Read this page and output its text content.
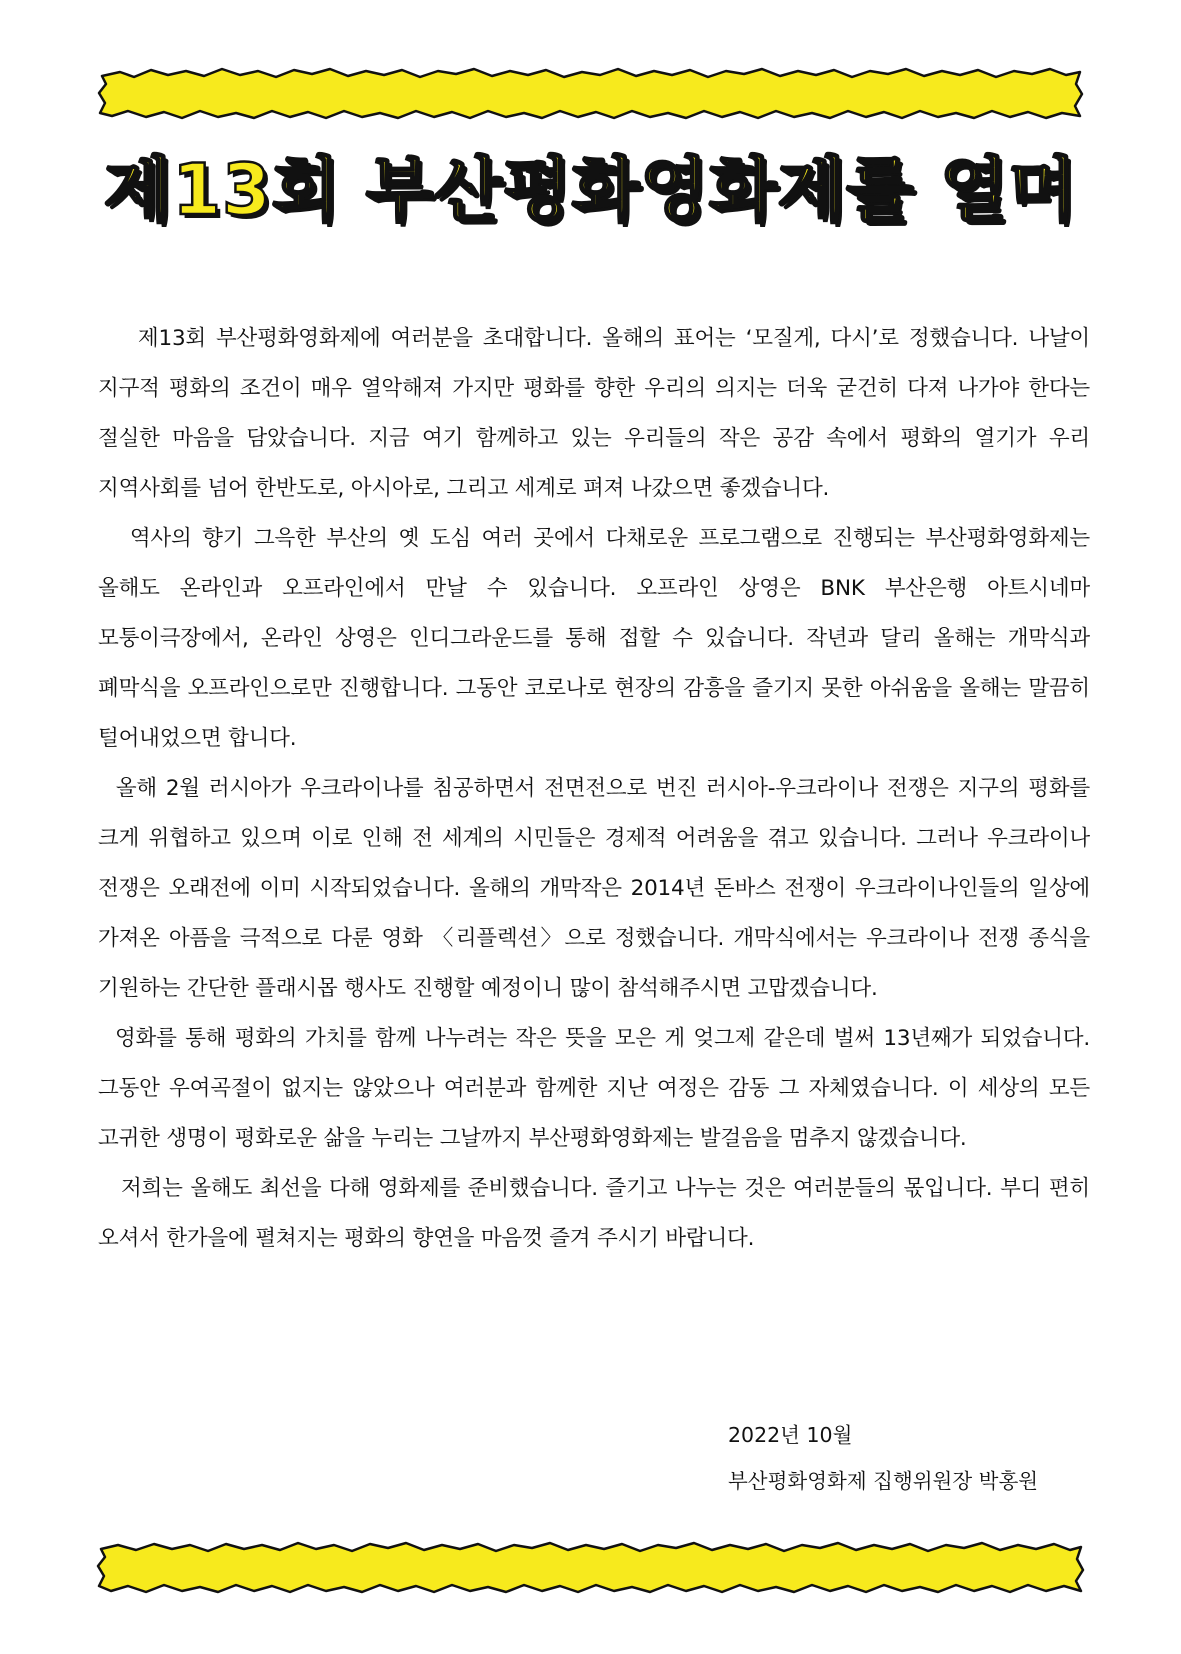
제13회 부산평화영화제를 열며

제13회 부산평화영화제에 여러분을 초대합니다. 올해의 표어는 ‘모질게, 다시’로 정했습니다. 나날이 지구적 평화의 조건이 매우 열악해져 가지만 평화를 향한 우리의 의지는 더욱 굳건히 다져 나가야 한다는 절실한 마음을 담았습니다. 지금 여기 함께하고 있는 우리들의 작은 공감 속에서 평화의 열기가 우리 지역사회를 넘어 한반도로, 아시아로, 그리고 세계로 펴져 나갔으면 좋겠습니다.

역사의 향기 그윽한 부산의 옛 도심 여러 곳에서 다채로운 프로그램으로 진행되는 부산평화영화제는 올해도 온라인과 오프라인에서 만날 수 있습니다. 오프라인 상영은 BNK 부산은행 아트시네마 모퉁이극장에서, 온라인 상영은 인디그라운드를 통해 접할 수 있습니다. 작년과 달리 올해는 개막식과 폐막식을 오프라인으로만 진행합니다. 그동안 코로나로 현장의 감흥을 즐기지 못한 아쉬움을 올해는 말끔히 털어내었으면 합니다.

올해 2월 러시아가 우크라이나를 침공하면서 전면전으로 번진 러시아-우크라이나 전쟁은 지구의 평화를 크게 위협하고 있으며 이로 인해 전 세계의 시민들은 경제적 어려움을 겪고 있습니다. 그러나 우크라이나 전쟁은 오래전에 이미 시작되었습니다. 올해의 개막작은 2014년 돈바스 전쟁이 우크라이나인들의 일상에 가져온 아픔을 극적으로 다룬 영화 〈리플렉션〉으로 정했습니다. 개막식에서는 우크라이나 전쟁 종식을 기원하는 간단한 플래시몹 행사도 진행할 예정이니 많이 참석해주시면 고맙겠습니다.

영화를 통해 평화의 가치를 함께 나누려는 작은 뜻을 모은 게 엊그제 같은데 벌써 13년째가 되었습니다. 그동안 우여곡절이 없지는 않았으나 여러분과 함께한 지난 여정은 감동 그 자체였습니다. 이 세상의 모든 고귀한 생명이 평화로운 삶을 누리는 그날까지 부산평화영화제는 발걸음을 멈추지 않겠습니다.

저희는 올해도 최선을 다해 영화제를 준비했습니다. 즐기고 나누는 것은 여러분들의 몫입니다. 부디 편히 오셔서 한가을에 펼쳐지는 평화의 향연을 마음껏 즐겨 주시기 바랍니다.

2022년 10월
부산평화영화제 집행위원장 박홍원
